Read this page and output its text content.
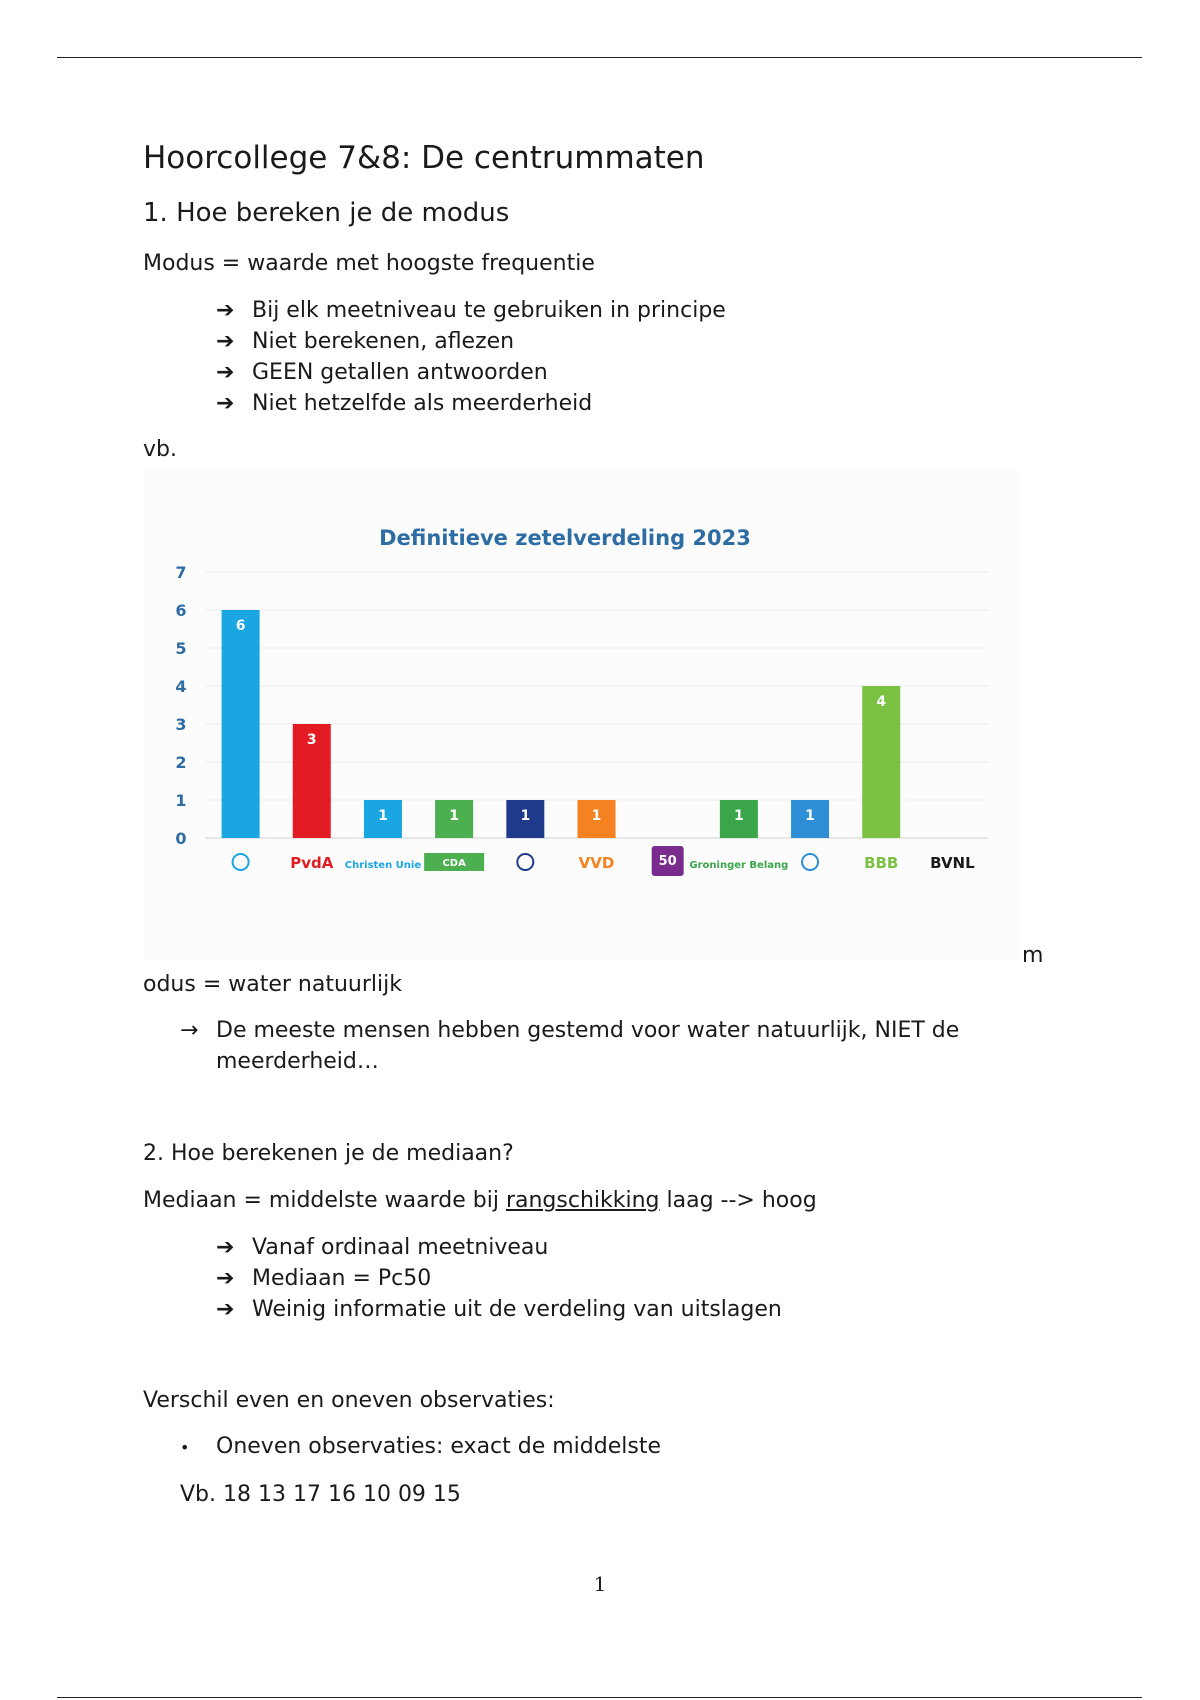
Hoorcollege 7&8: De centrummaten
1. Hoe bereken je de modus
Modus = waarde met hoogste frequentie
➔ Bij elk meetniveau te gebruiken in principe
➔ Niet berekenen, aflezen
➔ GEEN getallen antwoorden
➔ Niet hetzelfde als meerderheid
vb.
Definitieve zetelverdeling 2023
0
1
2
3
4
5
6
7
6
3
PvdA
1
Christen Unie
1
CDA
1	1
VVD	50
1
Groninger Belang
1
4
BBB BVNL
m
odus = water natuurlijk
→ De meeste mensen hebben gestemd voor water natuurlijk, NIET de meerderheid…
2. Hoe berekenen je de mediaan?
Mediaan = middelste waarde bij rangschikking laag --> hoog
➔ Vanaf ordinaal meetniveau
➔ Mediaan = Pc50
➔ Weinig informatie uit de verdeling van uitslagen
Verschil even en oneven observaties:
• Oneven observaties: exact de middelste
Vb. 18 13 17 16 10 09 15
1
